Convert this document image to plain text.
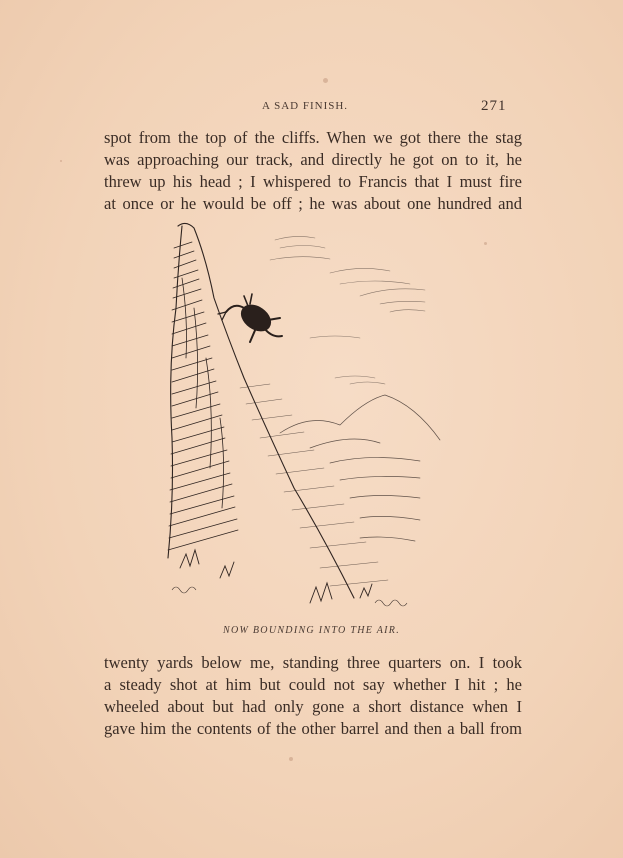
A SAD FINISH.	271
spot from the top of the cliffs. When we got there the stag
was approaching our track, and directly he got on to it, he
threw up his head ; I whispered to Francis that I must fire
at once or he would be off ; he was about one hundred and
NOW BOUNDING INTO THE AIR.
twenty yards below me, standing three quarters on. I took
a steady shot at him but could not say whether I hit ; he
wheeled about but had only gone a short distance when I
gave him the contents of the other barrel and then a ball from
